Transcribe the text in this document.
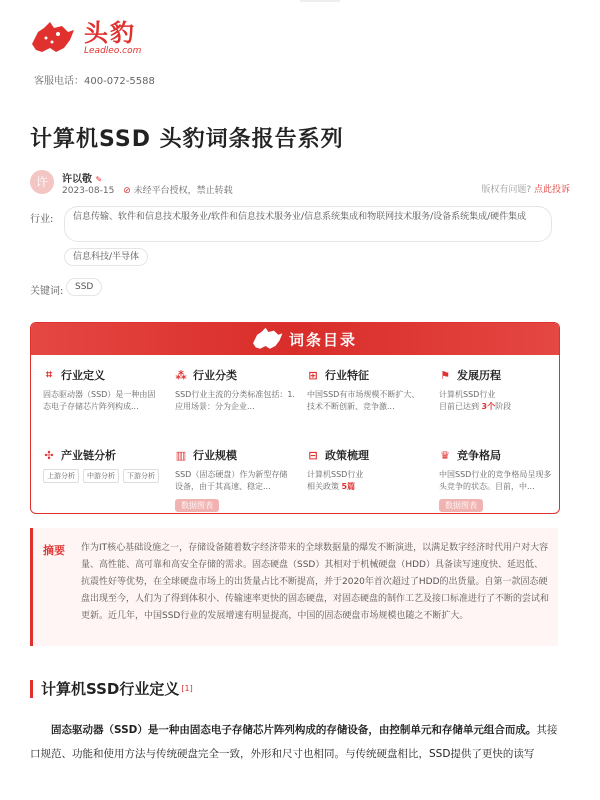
头豹
Leadleo.com
客服电话：400-072-5588
计算机SSD 头豹词条报告系列
许	许以敬 ✎
2023-08-15 ⊘ 未经平台授权，禁止转载	版权有问题? 点此投诉
行业:	信息传输、软件和信息技术服务业/软件和信息技术服务业/信息系统集成和物联网技术服务/设备系统集成/硬件集成
信息科技/半导体
关键词:	SSD
词条目录
⌗ 行业定义
固态驱动器（SSD）是一种由固态电子存储芯片阵列构成...
⁂ 行业分类
SSD行业主流的分类标准包括：1.应用场景：分为企业...
⊞ 行业特征
中国SSD有市场规模不断扩大、技术不断创新、竞争激...
⚑ 发展历程
计算机SSD行业
目前已达到 3个阶段
✣ 产业链分析
上游分析	中游分析	下游分析
▥ 行业规模
SSD（固态硬盘）作为新型存储设备，由于其高速、稳定...
数据图表
⊟ 政策梳理
计算机SSD行业
相关政策 5篇
♛ 竞争格局
中国SSD行业的竞争格局呈现多头竞争的状态。目前，中...
数据图表
摘要 作为IT核心基础设施之一，存储设备随着数字经济带来的全球数据量的爆发不断演进，以满足数字经济时代用户对大容量、高性能、高可靠和高安全存储的需求。固态硬盘（SSD）其相对于机械硬盘（HDD）具备读写速度快、延迟低、抗震性好等优势，在全球硬盘市场上的出货量占比不断提高，并于2020年首次超过了HDD的出货量。自第一款固态硬盘出现至今，人们为了得到体积小、传输速率更快的固态硬盘，对固态硬盘的制作工艺及接口标准进行了不断的尝试和更新。近几年，中国SSD行业的发展增速有明显提高，中国的固态硬盘市场规模也随之不断扩大。
计算机SSD行业定义 [1]
固态驱动器（SSD）是一种由固态电子存储芯片阵列构成的存储设备，由控制单元和存储单元组合而成。其接口规范、功能和使用方法与传统硬盘完全一致，外形和尺寸也相同。与传统硬盘相比，SSD提供了更快的读写
